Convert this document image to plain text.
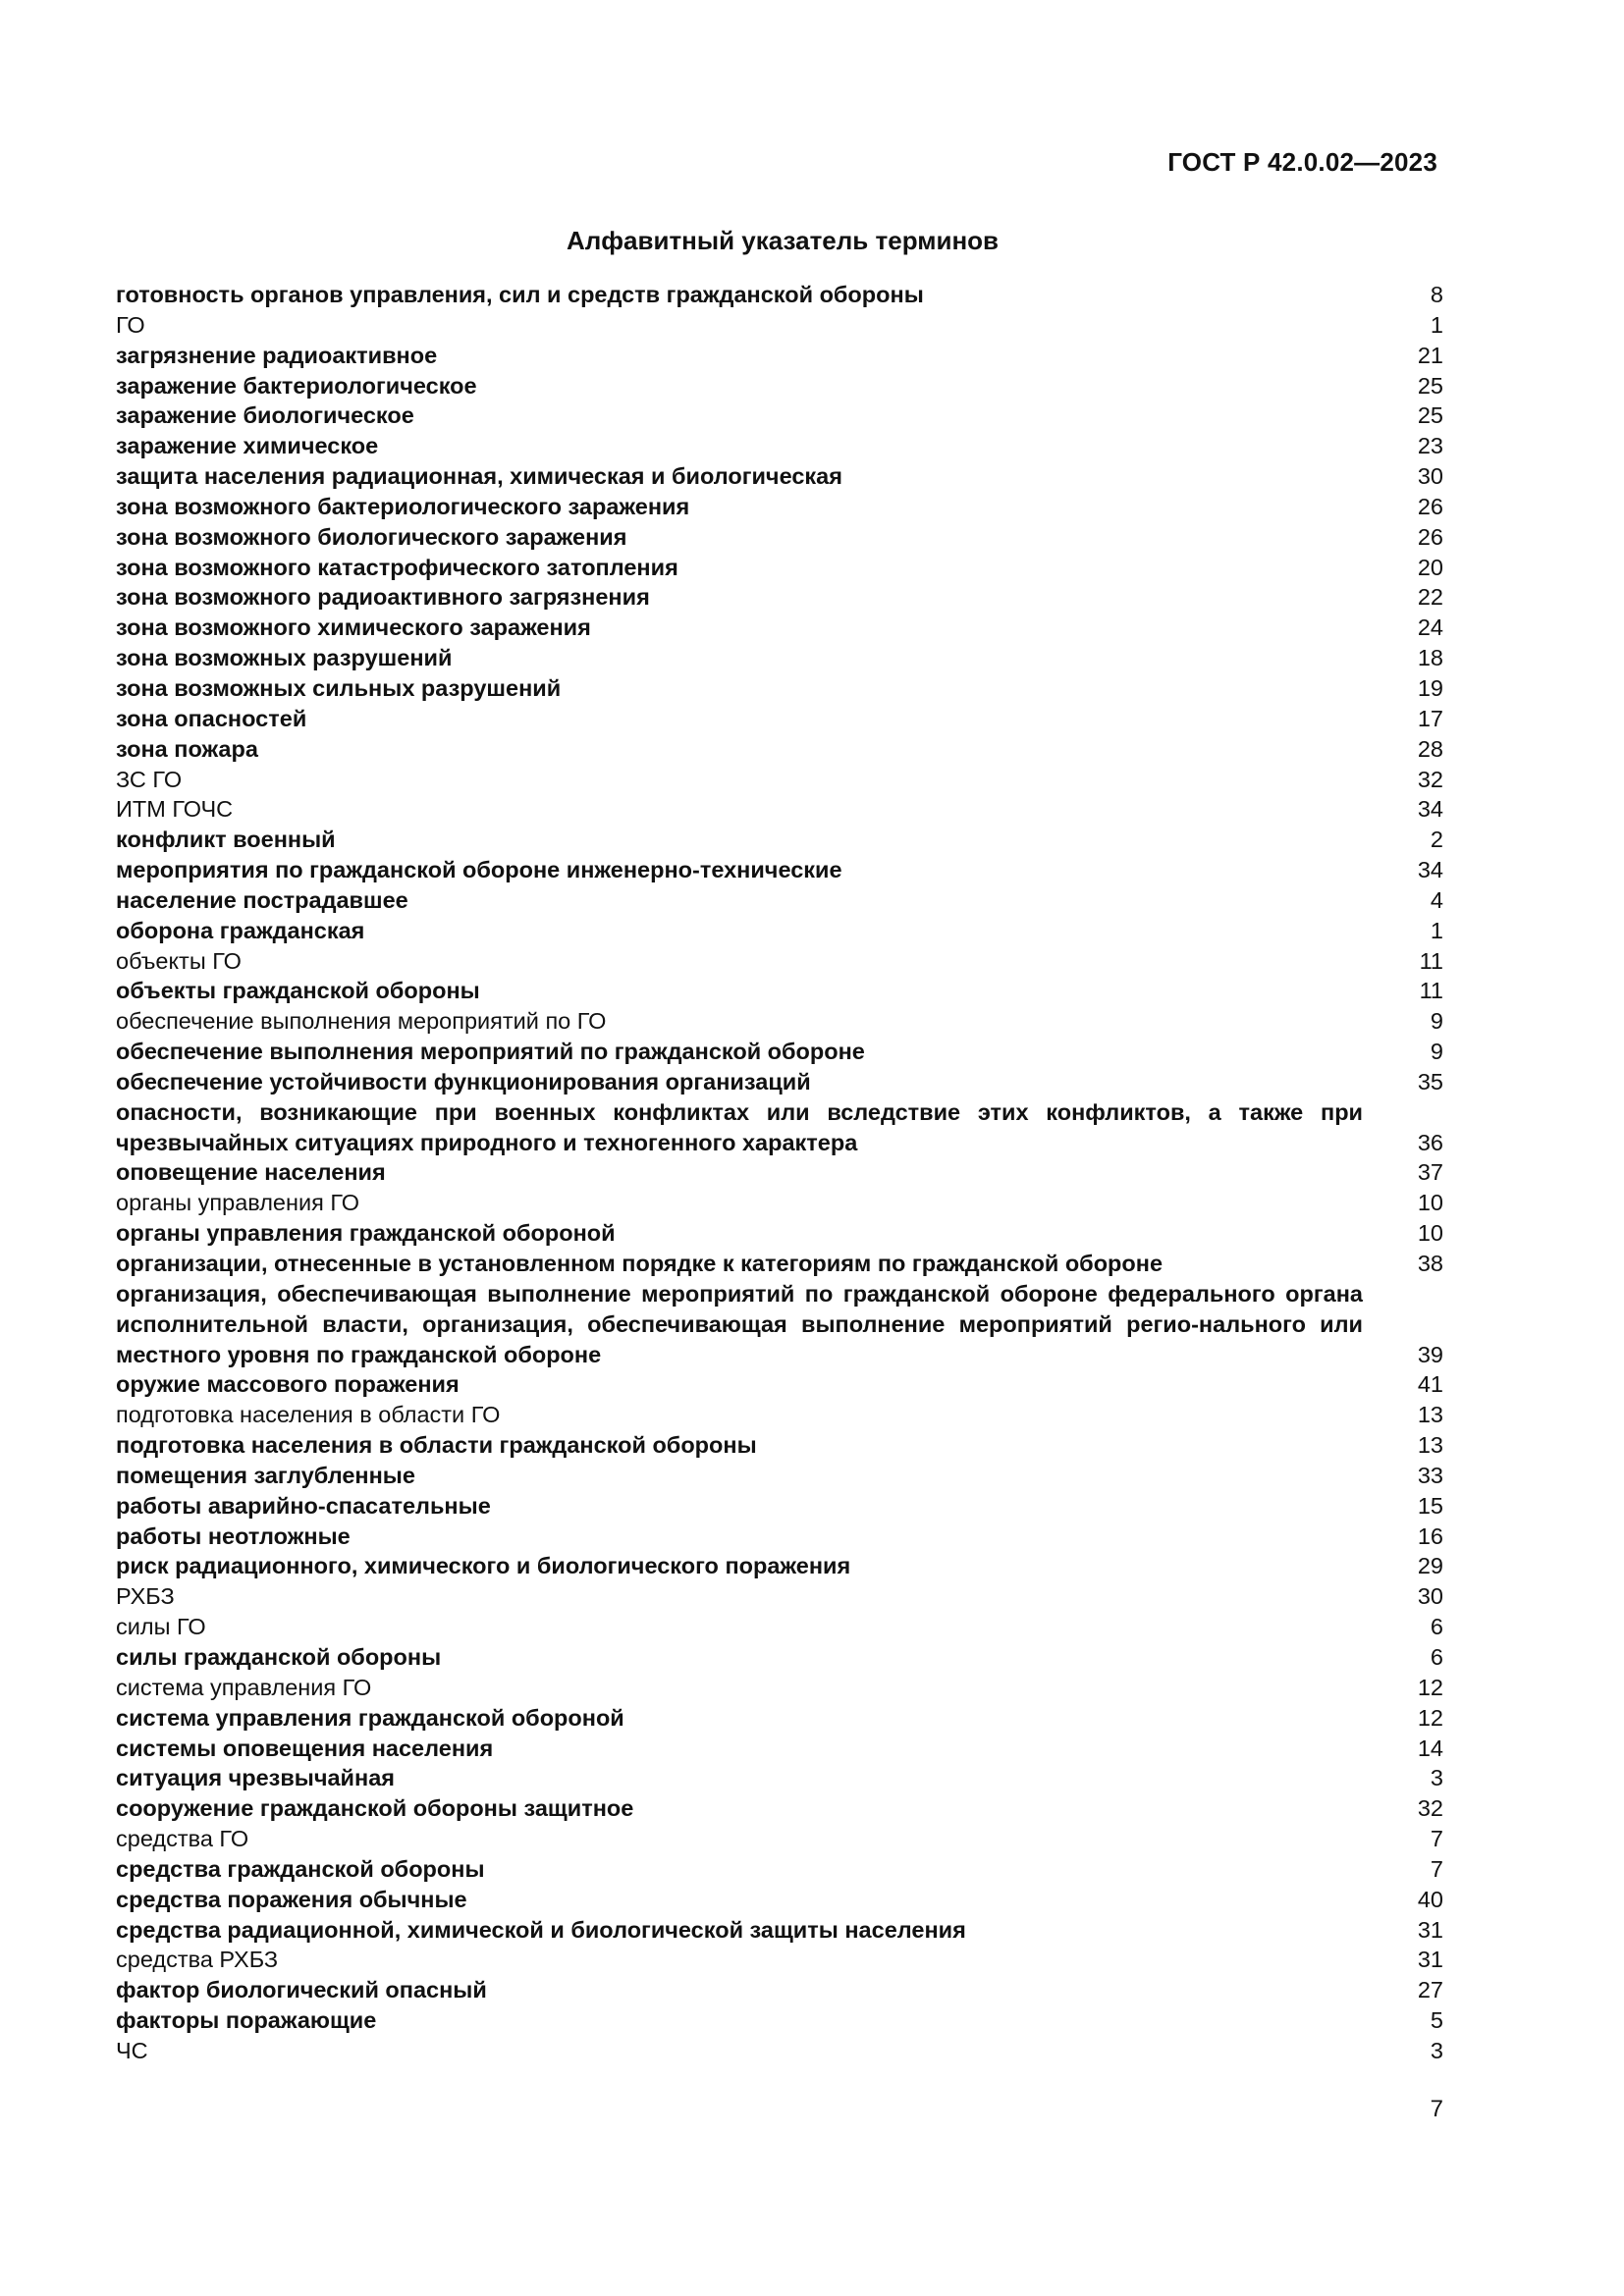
ГОСТ Р 42.0.02—2023
Алфавитный указатель терминов
готовность органов управления, сил и средств гражданской обороны	8
ГО	1
загрязнение радиоактивное	21
заражение бактериологическое	25
заражение биологическое	25
заражение химическое	23
защита населения радиационная, химическая и биологическая	30
зона возможного бактериологического заражения	26
зона возможного биологического заражения	26
зона возможного катастрофического затопления	20
зона возможного радиоактивного загрязнения	22
зона возможного химического заражения	24
зона возможных разрушений	18
зона возможных сильных разрушений	19
зона опасностей	17
зона пожара	28
ЗС ГО	32
ИТМ ГОЧС	34
конфликт военный	2
мероприятия по гражданской обороне инженерно-технические	34
население пострадавшее	4
оборона гражданская	1
объекты ГО	11
объекты гражданской обороны	11
обеспечение выполнения мероприятий по ГО	9
обеспечение выполнения мероприятий по гражданской обороне	9
обеспечение устойчивости функционирования организаций	35
опасности, возникающие при военных конфликтах или вследствие этих конфликтов, а также при чрезвычайных ситуациях природного и техногенного характера	36
оповещение населения	37
органы управления ГО	10
органы управления гражданской обороной	10
организации, отнесенные в установленном порядке к категориям по гражданской обороне	38
организация, обеспечивающая выполнение мероприятий по гражданской обороне федерального органа исполнительной власти, организация, обеспечивающая выполнение мероприятий регио-нального или местного уровня по гражданской обороне	39
оружие массового поражения	41
подготовка населения в области ГО	13
подготовка населения в области гражданской обороны	13
помещения заглубленные	33
работы аварийно-спасательные	15
работы неотложные	16
риск радиационного, химического и биологического поражения	29
РХБЗ	30
силы ГО	6
силы гражданской обороны	6
система управления ГО	12
система управления гражданской обороной	12
системы оповещения населения	14
ситуация чрезвычайная	3
сооружение гражданской обороны защитное	32
средства ГО	7
средства гражданской обороны	7
средства поражения обычные	40
средства радиационной, химической и биологической защиты населения	31
средства РХБЗ	31
фактор биологический опасный	27
факторы поражающие	5
ЧС	3
7
